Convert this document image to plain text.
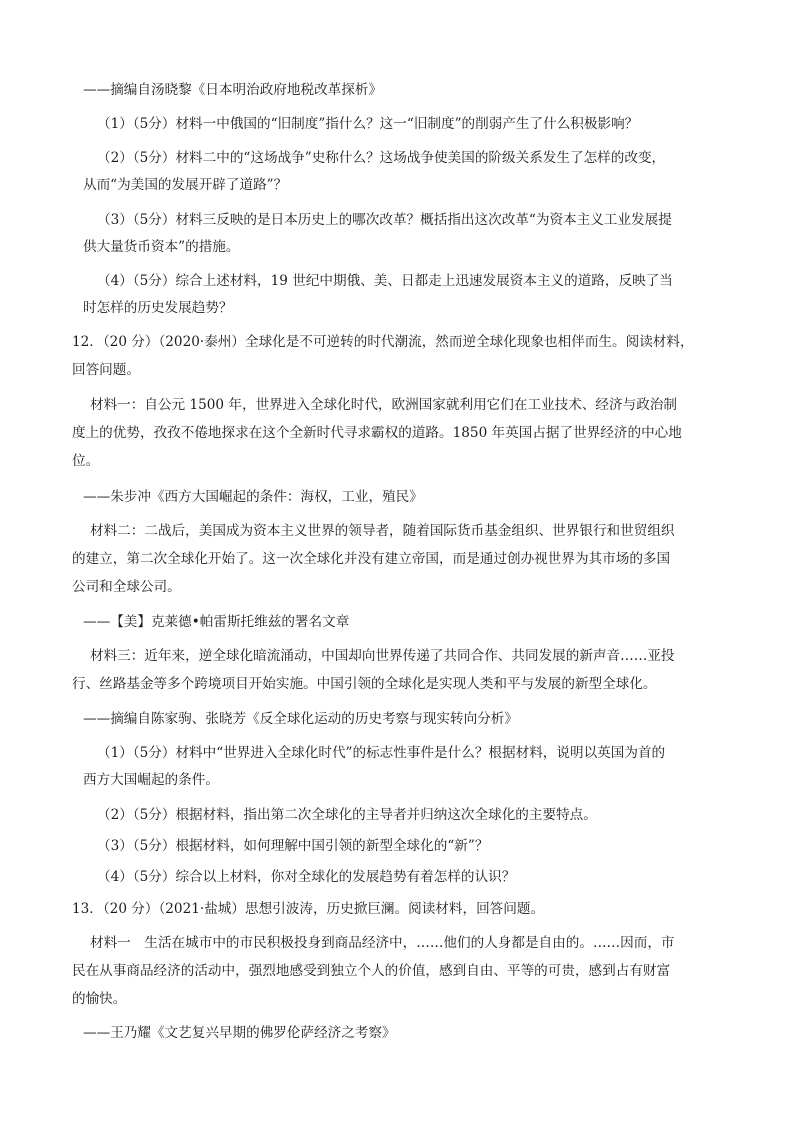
——摘编自汤晓黎《日本明治政府地税改革探析》
（1）（5分）材料一中俄国的“旧制度”指什么？这一“旧制度”的削弱产生了什么积极影响？
（2）（5分）材料二中的“这场战争”史称什么？这场战争使美国的阶级关系发生了怎样的改变，
从而“为美国的发展开辟了道路”？
（3）（5分）材料三反映的是日本历史上的哪次改革？概括指出这次改革“为资本主义工业发展提
供大量货币资本”的措施。
（4）（5分）综合上述材料，19 世纪中期俄、美、日都走上迅速发展资本主义的道路，反映了当
时怎样的历史发展趋势？
12．（20 分）（2020·泰州）全球化是不可逆转的时代潮流，然而逆全球化现象也相伴而生。阅读材料，
回答问题。
材料一：自公元 1500 年，世界进入全球化时代，欧洲国家就利用它们在工业技术、经济与政治制
度上的优势，孜孜不倦地探求在这个全新时代寻求霸权的道路。1850 年英国占据了世界经济的中心地
位。
——朱步冲《西方大国崛起的条件：海权，工业，殖民》
材料二：二战后，美国成为资本主义世界的领导者，随着国际货币基金组织、世界银行和世贸组织
的建立，第二次全球化开始了。这一次全球化并没有建立帝国，而是通过创办视世界为其市场的多国
公司和全球公司。
——【美】克莱德•帕雷斯托维兹的署名文章
材料三：近年来，逆全球化暗流涌动，中国却向世界传递了共同合作、共同发展的新声音……亚投
行、丝路基金等多个跨境项目开始实施。中国引领的全球化是实现人类和平与发展的新型全球化。
——摘编自陈家驹、张晓芳《反全球化运动的历史考察与现实转向分析》
（1）（5分）材料中“世界进入全球化时代”的标志性事件是什么？根据材料，说明以英国为首的
西方大国崛起的条件。
（2）（5分）根据材料，指出第二次全球化的主导者并归纳这次全球化的主要特点。
（3）（5分）根据材料，如何理解中国引领的新型全球化的“新”？
（4）（5分）综合以上材料，你对全球化的发展趋势有着怎样的认识？
13．（20 分）（2021·盐城）思想引波涛，历史掀巨澜。阅读材料，回答问题。
材料一　生活在城市中的市民积极投身到商品经济中，……他们的人身都是自由的。……因而，市
民在从事商品经济的活动中，强烈地感受到独立个人的价值，感到自由、平等的可贵，感到占有财富
的愉快。
——王乃耀《文艺复兴早期的佛罗伦萨经济之考察》
